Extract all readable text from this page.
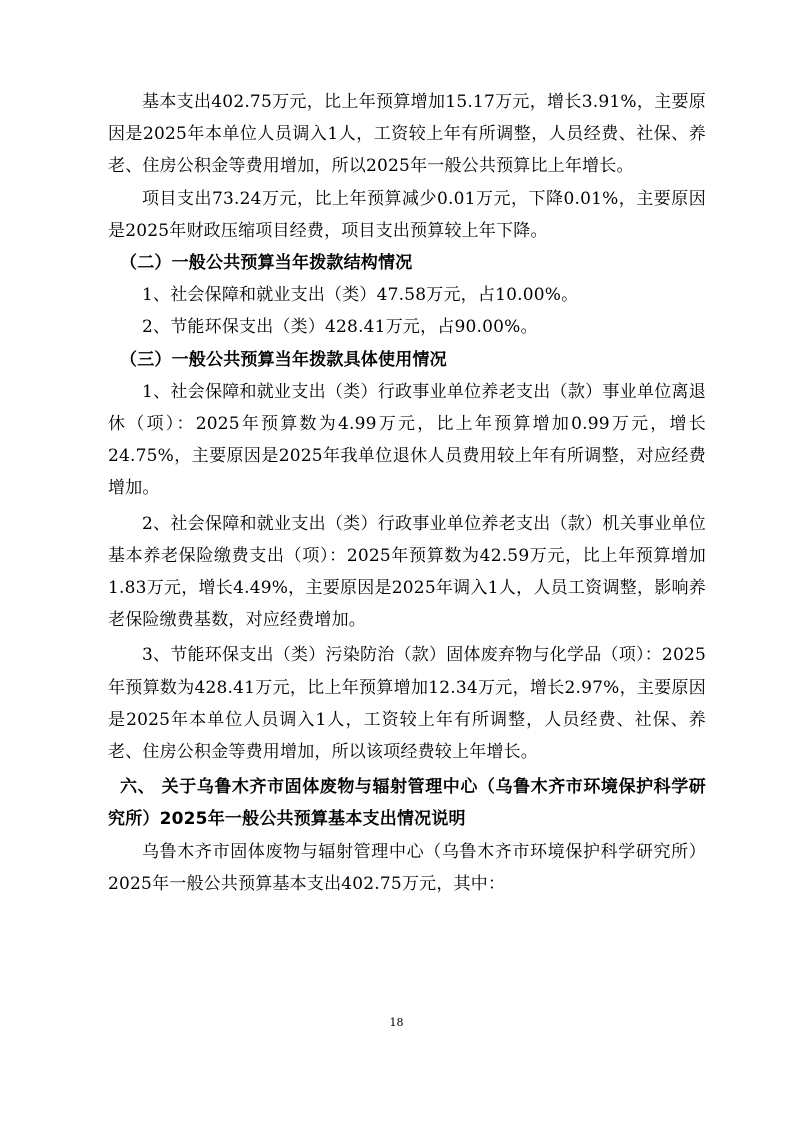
基本支出402.75万元，比上年预算增加15.17万元，增长3.91%，主要原因是2025年本单位人员调入1人，工资较上年有所调整，人员经费、社保、养老、住房公积金等费用增加，所以2025年一般公共预算比上年增长。

项目支出73.24万元，比上年预算减少0.01万元，下降0.01%，主要原因是2025年财政压缩项目经费，项目支出预算较上年下降。

（二）一般公共预算当年拨款结构情况

1、社会保障和就业支出（类）47.58万元，占10.00%。

2、节能环保支出（类）428.41万元，占90.00%。

（三）一般公共预算当年拨款具体使用情况

1、社会保障和就业支出（类）行政事业单位养老支出（款）事业单位离退休（项）：2025年预算数为4.99万元，比上年预算增加0.99万元，增长24.75%，主要原因是2025年我单位退休人员费用较上年有所调整，对应经费增加。

2、社会保障和就业支出（类）行政事业单位养老支出（款）机关事业单位基本养老保险缴费支出（项）：2025年预算数为42.59万元，比上年预算增加1.83万元，增长4.49%，主要原因是2025年调入1人，人员工资调整，影响养老保险缴费基数，对应经费增加。

3、节能环保支出（类）污染防治（款）固体废弃物与化学品（项）：2025年预算数为428.41万元，比上年预算增加12.34万元，增长2.97%，主要原因是2025年本单位人员调入1人，工资较上年有所调整，人员经费、社保、养老、住房公积金等费用增加，所以该项经费较上年增长。

六、 关于乌鲁木齐市固体废物与辐射管理中心（乌鲁木齐市环境保护科学研究所）2025年一般公共预算基本支出情况说明

乌鲁木齐市固体废物与辐射管理中心（乌鲁木齐市环境保护科学研究所）2025年一般公共预算基本支出402.75万元，其中：

18
